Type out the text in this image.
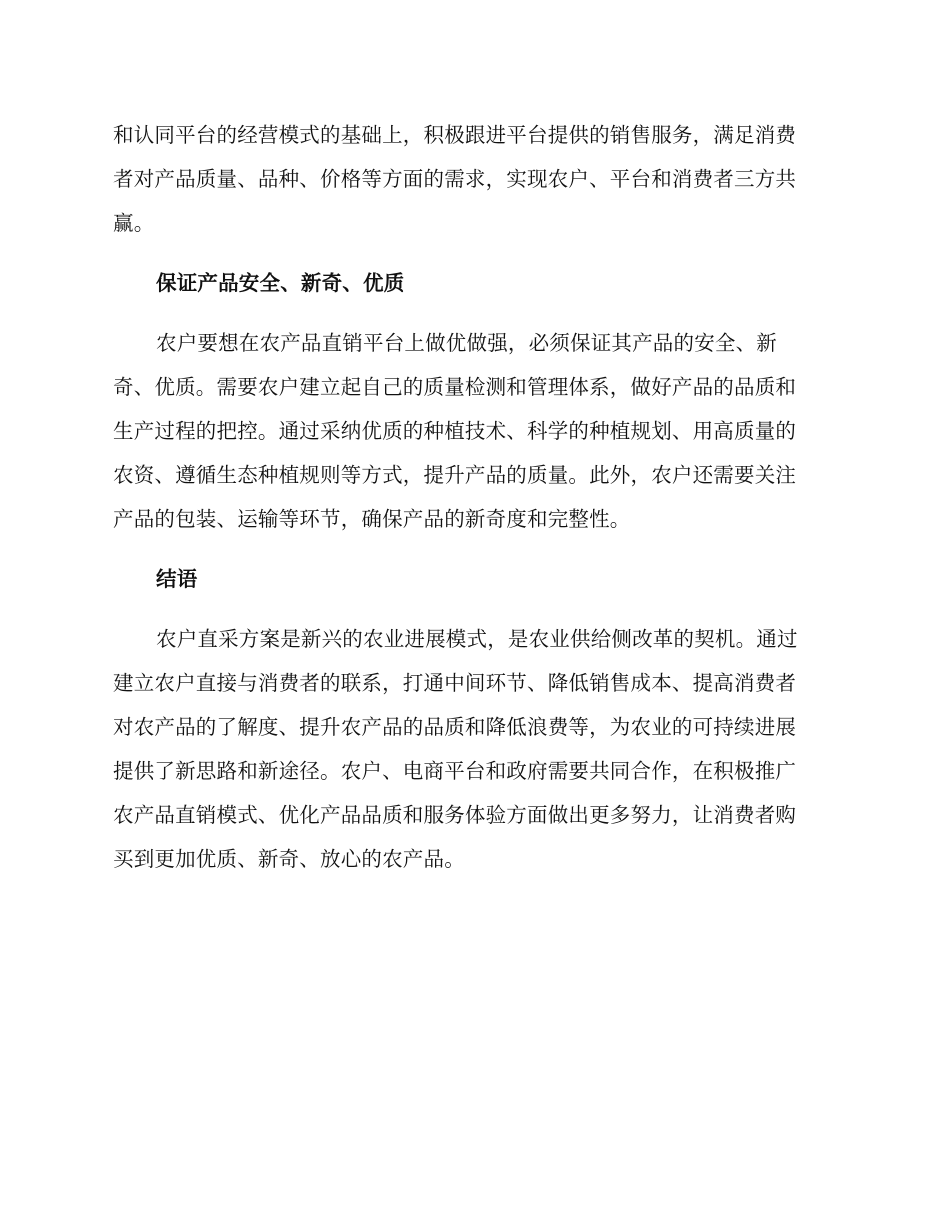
和认同平台的经营模式的基础上，积极跟进平台提供的销售服务，满足消费
者对产品质量、品种、价格等方面的需求，实现农户、平台和消费者三方共
赢。
保证产品安全、新奇、优质
农户要想在农产品直销平台上做优做强，必须保证其产品的安全、新
奇、优质。需要农户建立起自己的质量检测和管理体系，做好产品的品质和
生产过程的把控。通过采纳优质的种植技术、科学的种植规划、用高质量的
农资、遵循生态种植规则等方式，提升产品的质量。此外，农户还需要关注
产品的包装、运输等环节，确保产品的新奇度和完整性。
结语
农户直采方案是新兴的农业进展模式，是农业供给侧改革的契机。通过
建立农户直接与消费者的联系，打通中间环节、降低销售成本、提高消费者
对农产品的了解度、提升农产品的品质和降低浪费等，为农业的可持续进展
提供了新思路和新途径。农户、电商平台和政府需要共同合作，在积极推广
农产品直销模式、优化产品品质和服务体验方面做出更多努力，让消费者购
买到更加优质、新奇、放心的农产品。
